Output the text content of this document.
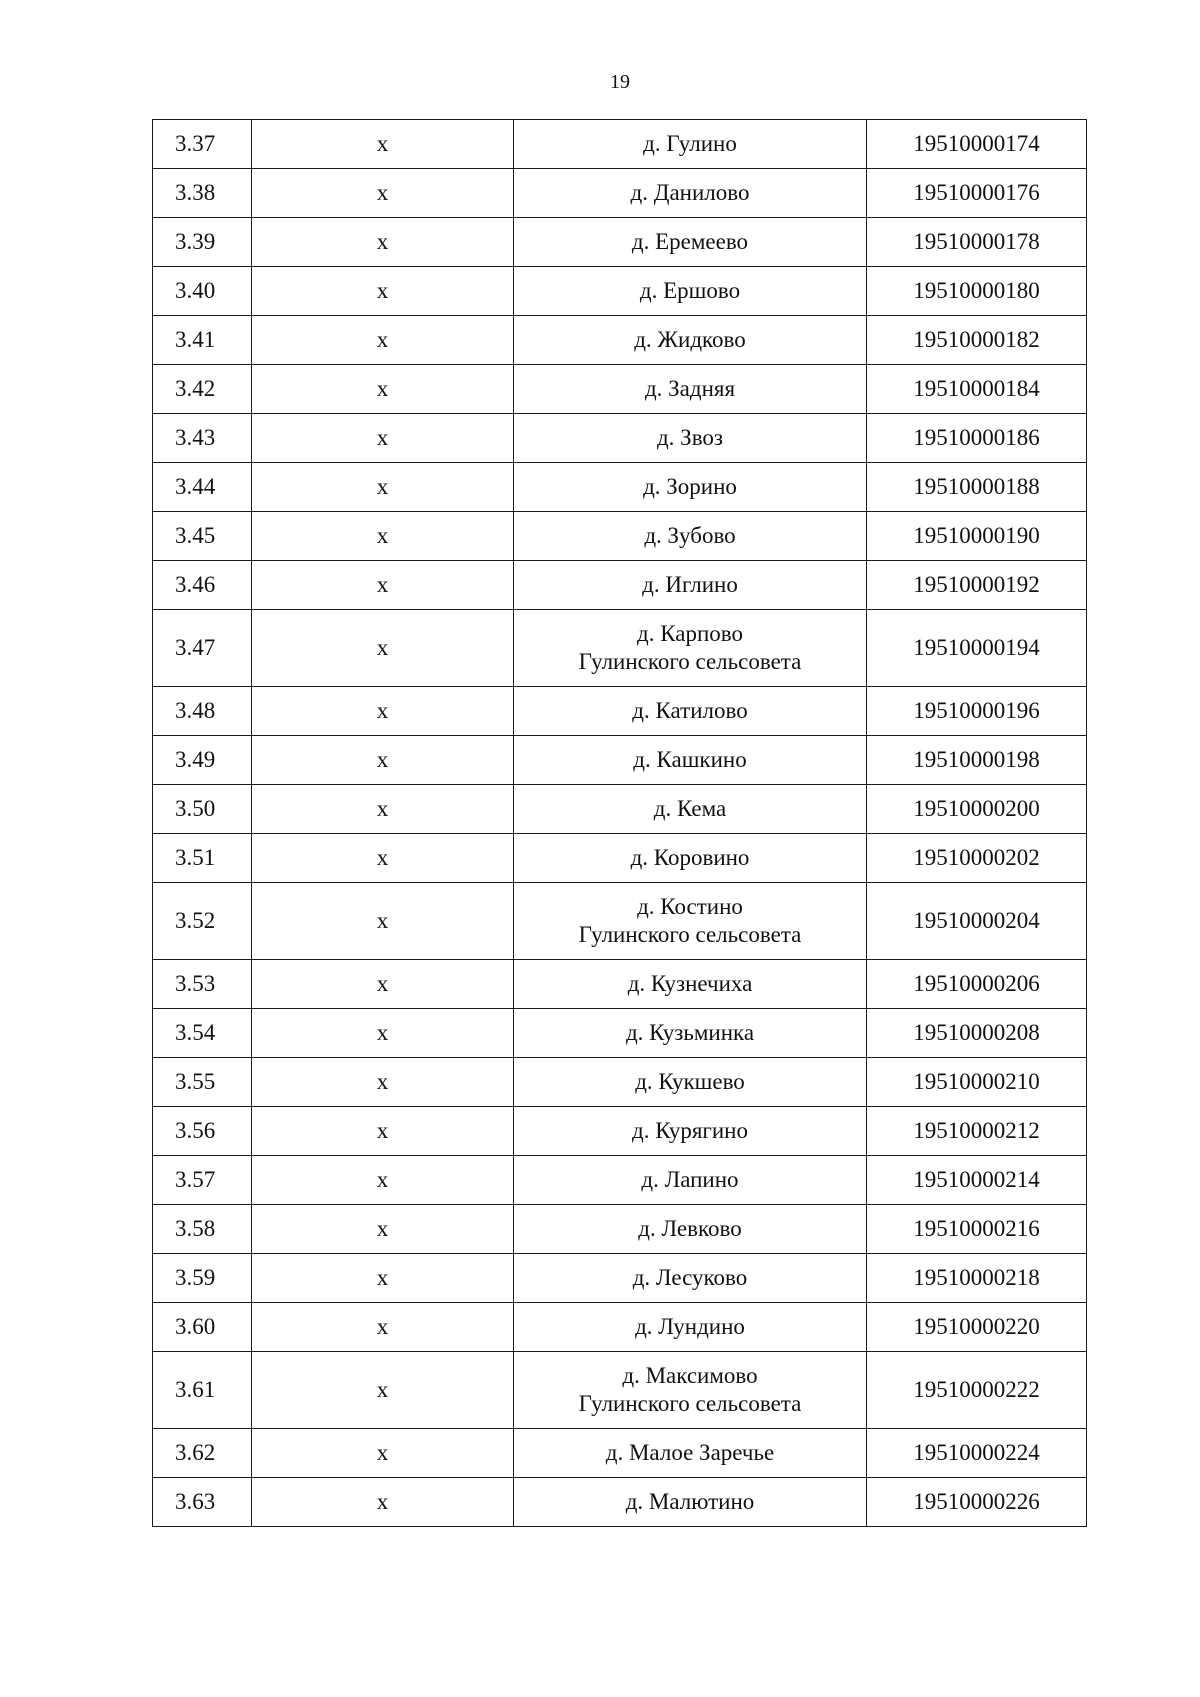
19
3.37	x	д. Гулино	19510000174
3.38	x	д. Данилово	19510000176
3.39	x	д. Еремеево	19510000178
3.40	x	д. Ершово	19510000180
3.41	x	д. Жидково	19510000182
3.42	x	д. Задняя	19510000184
3.43	x	д. Звоз	19510000186
3.44	x	д. Зорино	19510000188
3.45	x	д. Зубово	19510000190
3.46	x	д. Иглино	19510000192
3.47	x	д. Карпово
Гулинского сельсовета	19510000194
3.48	x	д. Катилово	19510000196
3.49	x	д. Кашкино	19510000198
3.50	x	д. Кема	19510000200
3.51	x	д. Коровино	19510000202
3.52	x	д. Костино
Гулинского сельсовета	19510000204
3.53	x	д. Кузнечиха	19510000206
3.54	x	д. Кузьминка	19510000208
3.55	x	д. Кукшево	19510000210
3.56	x	д. Курягино	19510000212
3.57	x	д. Лапино	19510000214
3.58	x	д. Левково	19510000216
3.59	x	д. Лесуково	19510000218
3.60	x	д. Лундино	19510000220
3.61	x	д. Максимово
Гулинского сельсовета	19510000222
3.62	x	д. Малое Заречье	19510000224
3.63	x	д. Малютино	19510000226
